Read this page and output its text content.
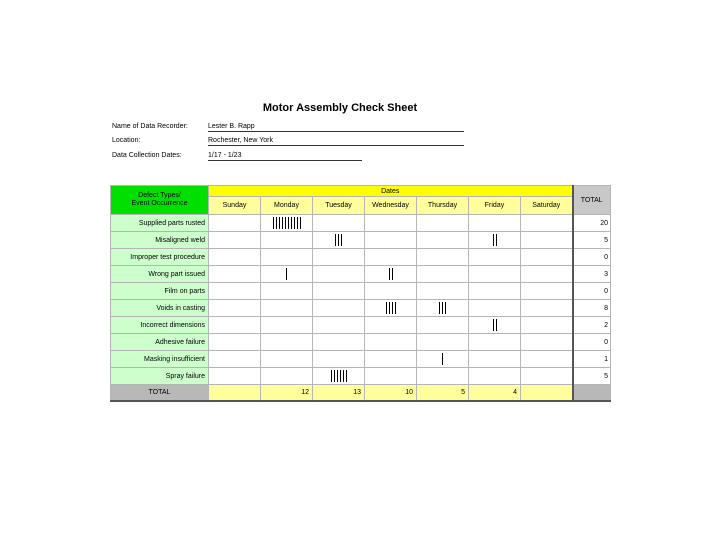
Motor Assembly Check Sheet
Name of Data Recorder:	Lester B. Rapp
Location:	Rochester, New York
Data Collection Dates:	1/17 - 1/23
Defect Types/
Event Occurrence	Dates							TOTAL
	Sunday	Monday	Tuesday	Wednesday	Thursday	Friday	Saturday	
Supplied parts rusted								20
Misaligned weld								5
Improper test procedure								0
Wrong part issued								3
Film on parts								0
Voids in casting								8
Incorrect dimensions								2
Adhesive failure								0
Masking insufficient								1
Spray failure								5
TOTAL		12	13	10	5	4		
